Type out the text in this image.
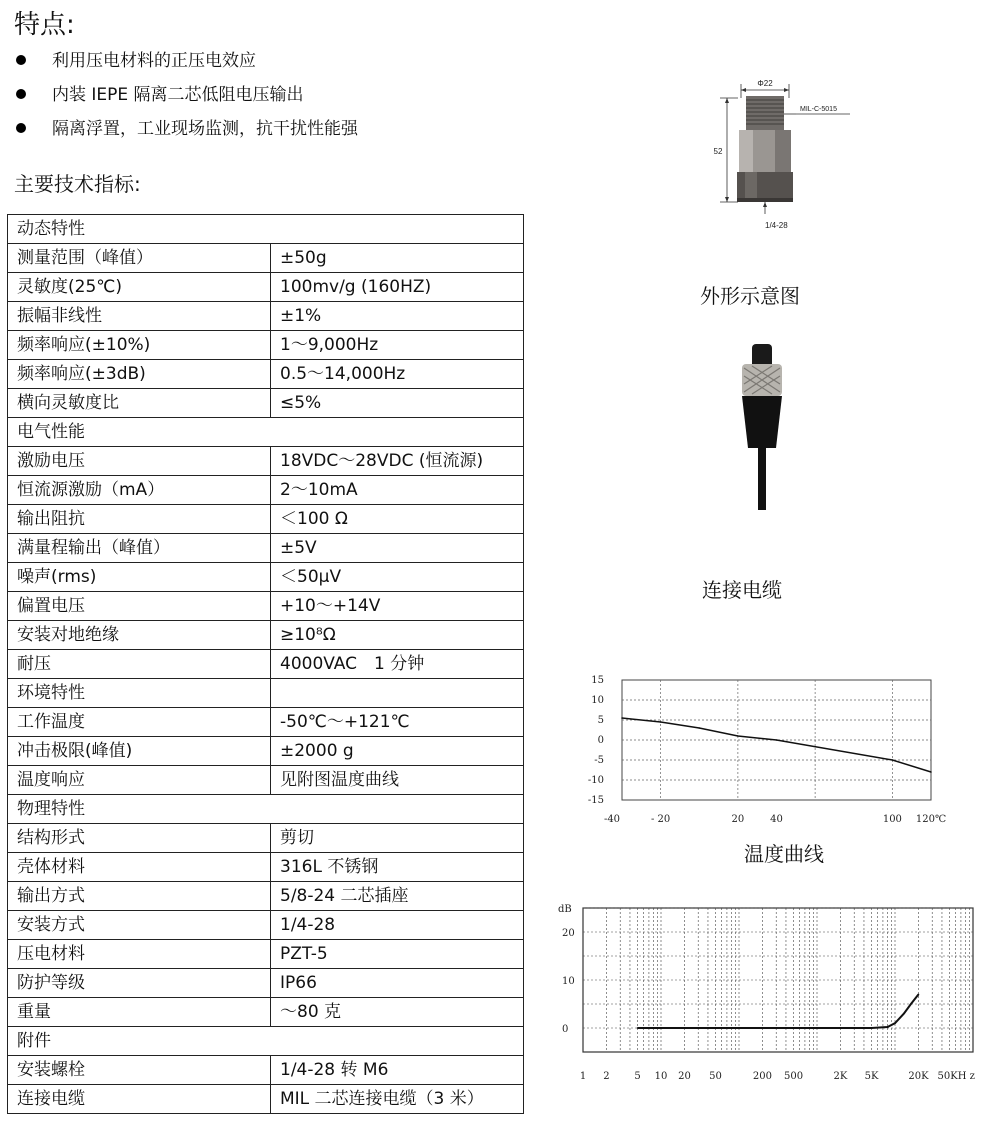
特点:
利用压电材料的正压电效应
内装 IEPE 隔离二芯低阻电压输出
隔离浮置，工业现场监测，抗干扰性能强
主要技术指标:
动态特性	
测量范围（峰值）	±50g
灵敏度(25℃)	100mv/g (160HZ)
振幅非线性	±1%
频率响应(±10%)	1～9,000Hz
频率响应(±3dB)	0.5～14,000Hz
横向灵敏度比	≤5%
电气性能	
激励电压	18VDC～28VDC (恒流源)
恒流源激励（mA）	2～10mA
输出阻抗	＜100 Ω
满量程输出（峰值）	±5V
噪声(rms)	＜50μV
偏置电压	+10～+14V
安装对地绝缘	≥10⁸Ω
耐压	4000VAC　1 分钟
环境特性	
工作温度	-50℃～+121℃
冲击极限(峰值)	±2000 g
温度响应	见附图温度曲线
物理特性	
结构形式	剪切
壳体材料	316L 不锈钢
输出方式	5/8-24 二芯插座
安装方式	1/4-28
压电材料	PZT-5
防护等级	IP66
重量	～80 克
附件	
安装螺栓	1/4-28 转 M6
连接电缆	MIL 二芯连接电缆（3 米）
Φ22
MIL-C-5015
52
1/4-28
外形示意图
连接电缆
15
10
5
0
-5
-10
-15
-40	- 20	20	40	100 120℃
温度曲线
dB
20
10
0
1 2 5 10 20 50	200 500	2K 5K	20K 50KH z
